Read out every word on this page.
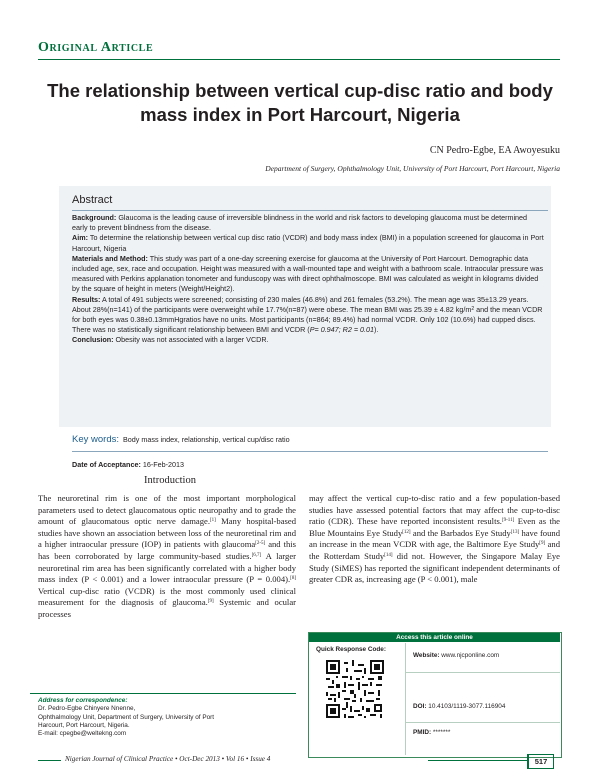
Original Article
The relationship between vertical cup-disc ratio and body mass index in Port Harcourt, Nigeria
CN Pedro-Egbe, EA Awoyesuku
Department of Surgery, Ophthalmology Unit, University of Port Harcourt, Port Harcourt, Nigeria
Abstract

Background: Glaucoma is the leading cause of irreversible blindness in the world and risk factors to developing glaucoma must be determined early to prevent blindness from the disease.

Aim: To determine the relationship between vertical cup disc ratio (VCDR) and body mass index (BMI) in a population screened for glaucoma in Port Harcourt, Nigeria

Materials and Method: This study was part of a one-day screening exercise for glaucoma at the University of Port Harcourt. Demographic data included age, sex, race and occupation. Height was measured with a wall-mounted tape and weight with a bathroom scale. Intraocular pressure was measured with Perkins applanation tonometer and funduscopy was with direct ophthalmoscope. BMI was calculated as weight in kilograms divided by the square of height in meters (Weight/Height2).

Results: A total of 491 subjects were screened; consisting of 230 males (46.8%) and 261 females (53.2%). The mean age was 35±13.29 years. About 28%(n=141) of the participants were overweight while 17.7%(n=87) were obese. The mean BMI was 25.39 ± 4.82 $kg/m^2$ and the mean VCDR for both eyes was 0.38±0.13mmHgratios have no units. Most participants (n=864; 89.4%) had normal VCDR. Only 102 (10.6%) had cupped discs. There was no statistically significant relationship between BMI and VCDR (P= 0.947; R2 = 0.01).

Conclusion: Obesity was not associated with a larger VCDR.

Key words: Body mass index, relationship, vertical cup/disc ratio
Date of Acceptance: 16-Feb-2013
Introduction

The neuroretinal rim is one of the most important morphological parameters used to detect glaucomatous optic neuropathy and to grade the amount of glaucomatous optic nerve damage.[1] Many hospital-based studies have shown an association between loss of the neuroretinal rim and a higher intraocular pressure (IOP) in patients with glaucoma[2-5] and this has been corroborated by large community-based studies.[6,7] A larger neuroretinal rim area has been significantly correlated with a higher body mass index (P < 0.001) and a lower intraocular pressure (P = 0.004).[8] Vertical cup-disc ratio (VCDR) is the most commonly used clinical measurement for the diagnosis of glaucoma.[9] Systemic and ocular processes

may affect the vertical cup-to-disc ratio and a few population-based studies have assessed potential factors that may affect the cup-to-disc ratio (CDR). These have reported inconsistent results.[9-11] Even as the Blue Mountains Eye Study[12] and the Barbados Eye Study[13] have found an increase in the mean VCDR with age, the Baltimore Eye Study[9] and the Rotterdam Study[14] did not. However, the Singapore Malay Eye Study (SiMES) has reported the significant independent determinants of greater CDR as, increasing age (P < 0.001), male

Address for correspondence:
Dr. Pedro-Egbe Chinyere Nnenne,
Ophthalmology Unit, Department of Surgery, University of Port
Harcourt, Port Harcourt, Nigeria.
E-mail: cpegbe@weltekng.com
Access this article online
Quick Response Code:
Website: www.njcponline.com
DOI: 10.4103/1119-3077.116904
PMID: *******
Nigerian Journal of Clinical Practice • Oct-Dec 2013 • Vol 16 • Issue 4	517
